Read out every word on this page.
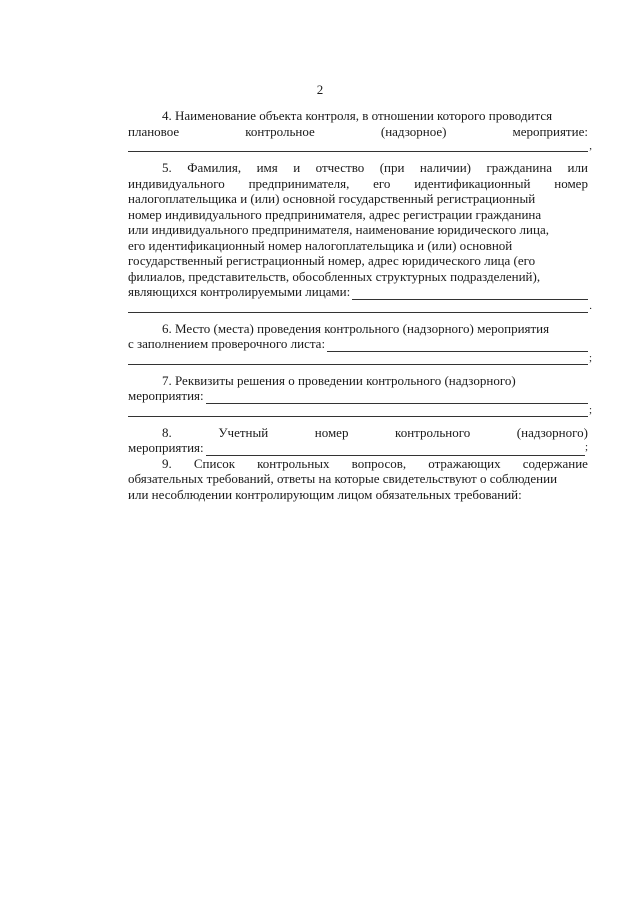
2
4. Наименование объекта контроля, в отношении которого проводится
плановое	контрольное	(надзорное)	мероприятие:
,
5. Фамилия, имя и отчество (при наличии) гражданина или
индивидуального предпринимателя, его идентификационный номер
налогоплательщика и (или) основной государственный регистрационный
номер индивидуального предпринимателя, адрес регистрации гражданина
или индивидуального предпринимателя, наименование юридического лица,
его идентификационный номер налогоплательщика и (или) основной
государственный регистрационный номер, адрес юридического лица (его
филиалов, представительств, обособленных структурных подразделений),
являющихся контролируемыми лицами:
.
6. Место (места) проведения контрольного (надзорного) мероприятия
с заполнением проверочного листа:
;
7. Реквизиты решения о проведении контрольного (надзорного)
мероприятия:
;
8.	Учетный	номер	контрольного	(надзорного)
мероприятия:	;
9. Список контрольных вопросов, отражающих содержание
обязательных требований, ответы на которые свидетельствуют о соблюдении
или несоблюдении контролирующим лицом обязательных требований:
